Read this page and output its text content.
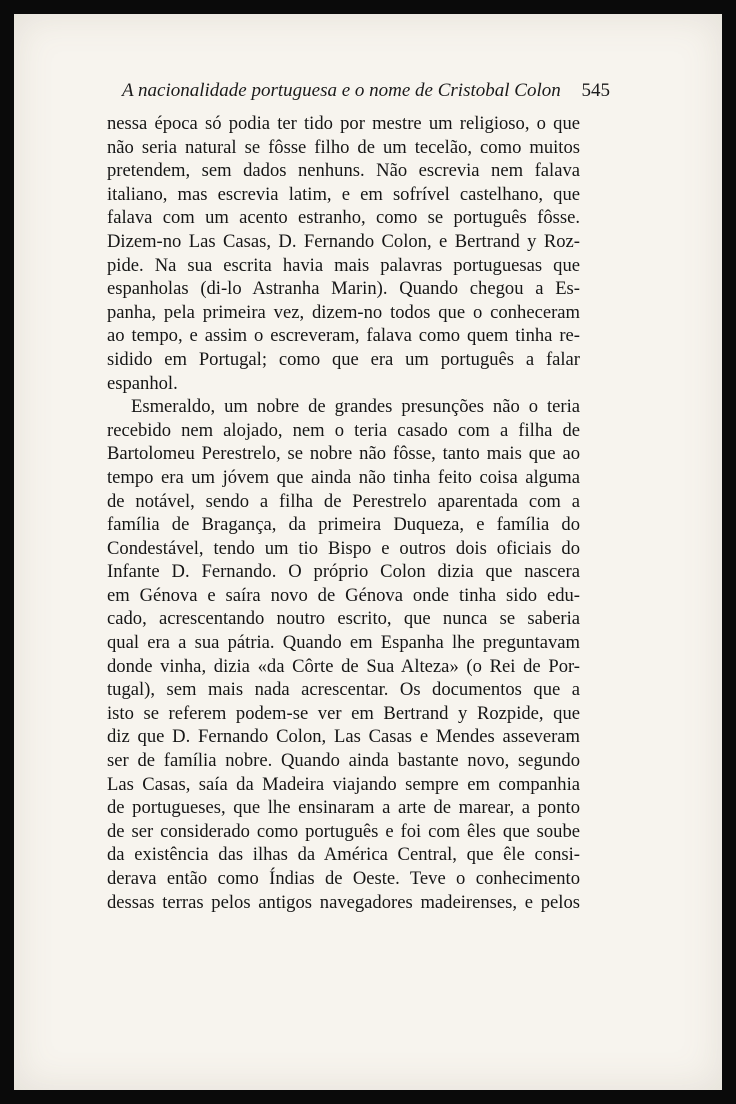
A nacionalidade portuguesa e o nome de Cristobal Colon 545
nessa época só podia ter tido por mestre um religioso, o que
não seria natural se fôsse filho de um tecelão, como muitos
pretendem, sem dados nenhuns. Não escrevia nem falava
italiano, mas escrevia latim, e em sofrível castelhano, que
falava com um acento estranho, como se português fôsse.
Dizem-no Las Casas, D. Fernando Colon, e Bertrand y Roz-
pide. Na sua escrita havia mais palavras portuguesas que
espanholas (di-lo Astranha Marin). Quando chegou a Es-
panha, pela primeira vez, dizem-no todos que o conheceram
ao tempo, e assim o escreveram, falava como quem tinha re-
sidido em Portugal; como que era um português a falar
espanhol.
Esmeraldo, um nobre de grandes presunções não o teria
recebido nem alojado, nem o teria casado com a filha de
Bartolomeu Perestrelo, se nobre não fôsse, tanto mais que ao
tempo era um jóvem que ainda não tinha feito coisa alguma
de notável, sendo a filha de Perestrelo aparentada com a
família de Bragança, da primeira Duqueza, e família do
Condestável, tendo um tio Bispo e outros dois oficiais do
Infante D. Fernando. O próprio Colon dizia que nascera
em Génova e saíra novo de Génova onde tinha sido edu-
cado, acrescentando noutro escrito, que nunca se saberia
qual era a sua pátria. Quando em Espanha lhe preguntavam
donde vinha, dizia «da Côrte de Sua Alteza» (o Rei de Por-
tugal), sem mais nada acrescentar. Os documentos que a
isto se referem podem-se ver em Bertrand y Rozpide, que
diz que D. Fernando Colon, Las Casas e Mendes asseveram
ser de família nobre. Quando ainda bastante novo, segundo
Las Casas, saía da Madeira viajando sempre em companhia
de portugueses, que lhe ensinaram a arte de marear, a ponto
de ser considerado como português e foi com êles que soube
da existência das ilhas da América Central, que êle consi-
derava então como Índias de Oeste. Teve o conhecimento
dessas terras pelos antigos navegadores madeirenses, e pelos
